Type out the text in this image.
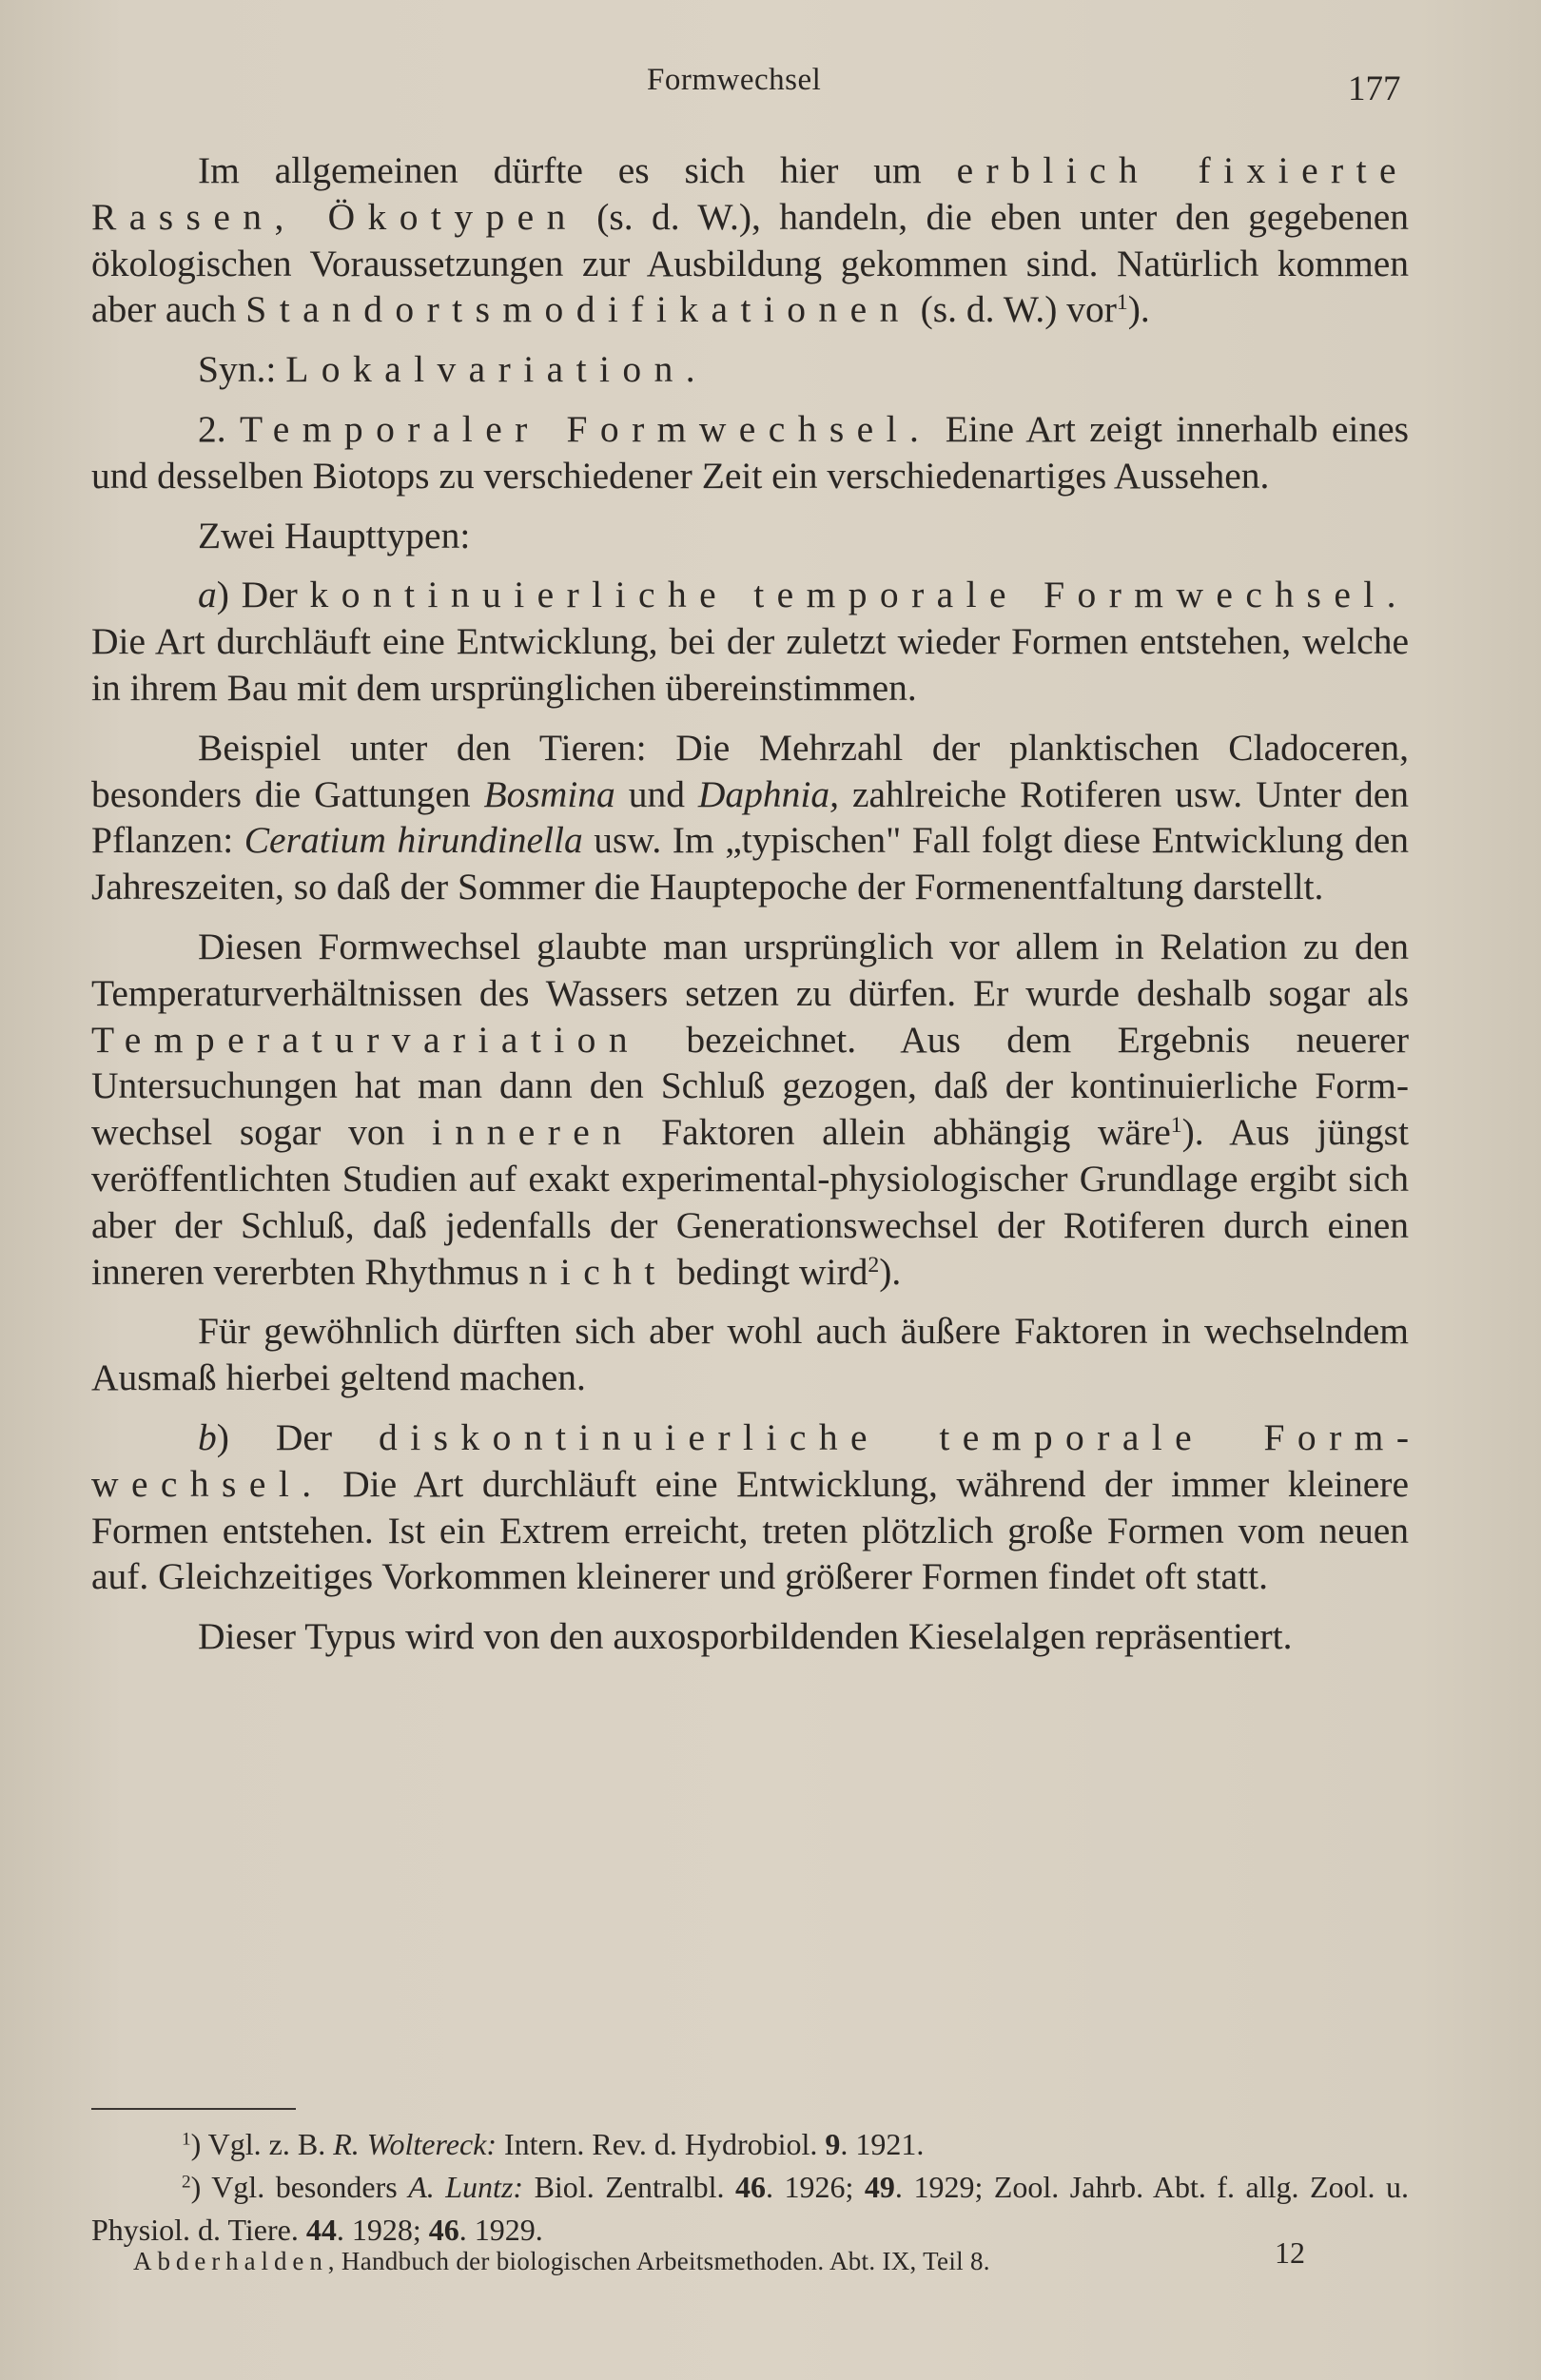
Formwechsel	177

Im allgemeinen dürfte es sich hier um erblich fixierte Rassen, Ökotypen (s. d. W.), handeln, die eben unter den gegebenen ökologischen Voraussetzungen zur Ausbildung gekommen sind. Natürlich kommen aber auch Standortsmodifikationen (s. d. W.) vor$^1$).

Syn.: Lokalvariation.

2. Temporaler Formwechsel. Eine Art zeigt innerhalb eines und desselben Biotops zu verschiedener Zeit ein verschiedenartiges Aussehen.

Zwei Haupttypen:

a) Der kontinuierliche temporale Formwechsel. Die Art durchläuft eine Entwicklung, bei der zuletzt wieder Formen entstehen, welche in ihrem Bau mit dem ursprünglichen übereinstimmen.

Beispiel unter den Tieren: Die Mehrzahl der planktischen Cladoceren, besonders die Gattungen Bosmina und Daphnia, zahlreiche Rotiferen usw. Unter den Pflanzen: Ceratium hirundinella usw. Im „typischen" Fall folgt diese Entwicklung den Jahreszeiten, so daß der Sommer die Hauptepoche der Formenentfaltung darstellt.

Diesen Formwechsel glaubte man ursprünglich vor allem in Relation zu den Temperaturverhältnissen des Wassers setzen zu dürfen. Er wurde deshalb sogar als Temperaturvariation bezeichnet. Aus dem Ergebnis neuerer Untersuchungen hat man dann den Schluß gezogen, daß der kontinuierliche Formwechsel sogar von inneren Faktoren allein abhängig wäre$^1$). Aus jüngst veröffentlichten Studien auf exakt experimental-physiologischer Grundlage ergibt sich aber der Schluß, daß jedenfalls der Generationswechsel der Rotiferen durch einen inneren vererbten Rhythmus nicht bedingt wird$^2$).

Für gewöhnlich dürften sich aber wohl auch äußere Faktoren in wechselndem Ausmaß hierbei geltend machen.

b) Der diskontinuierliche temporale Formwechsel. Die Art durchläuft eine Entwicklung, während der immer kleinere Formen entstehen. Ist ein Extrem erreicht, treten plötzlich große Formen vom neuen auf. Gleichzeitiges Vorkommen kleinerer und größerer Formen findet oft statt.

Dieser Typus wird von den auxosporbildenden Kieselalgen repräsentiert.

$^1$) Vgl. z. B. R. Woltereck: Intern. Rev. d. Hydrobiol. 9. 1921.
$^2$) Vgl. besonders A. Luntz: Biol. Zentralbl. 46. 1926; 49. 1929; Zool. Jahrb. Abt. f. allg. Zool. u. Physiol. d. Tiere. 44. 1928; 46. 1929.
Abderhalden, Handbuch der biologischen Arbeitsmethoden. Abt. IX, Teil 8.	12
